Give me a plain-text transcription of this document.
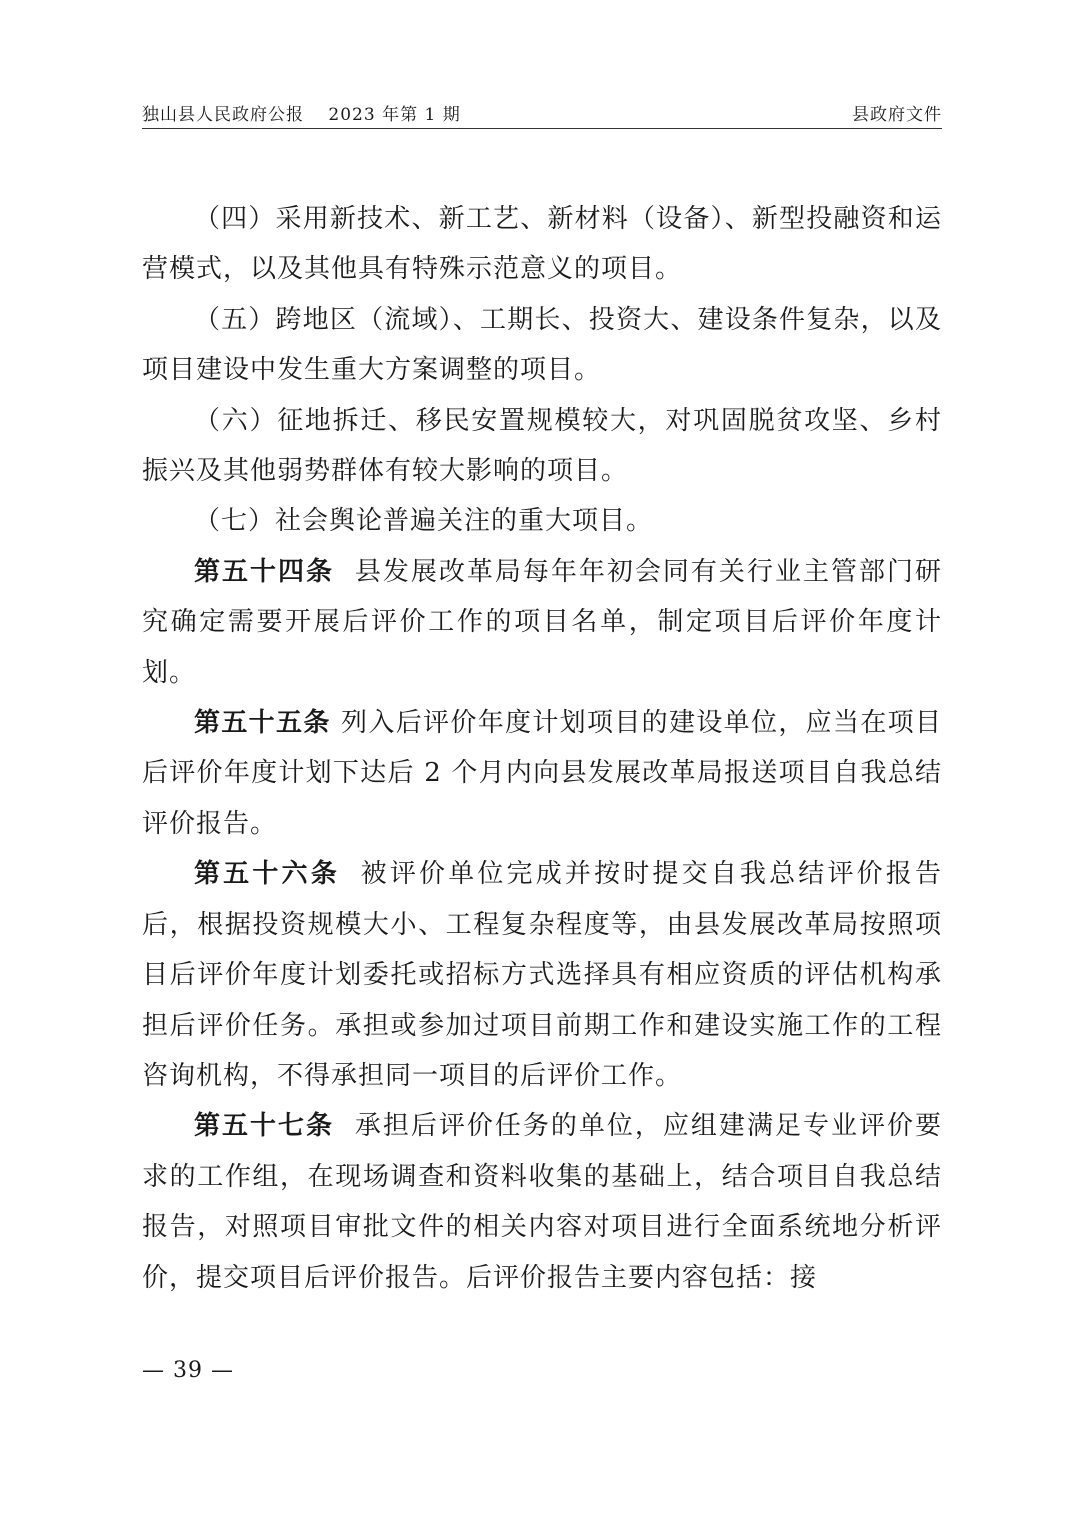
独山县人民政府公报　 2023 年第 1 期	县政府文件

（四）采用新技术、新工艺、新材料（设备）、新型投融资和运营模式，以及其他具有特殊示范意义的项目。

（五）跨地区（流域）、工期长、投资大、建设条件复杂，以及项目建设中发生重大方案调整的项目。

（六）征地拆迁、移民安置规模较大，对巩固脱贫攻坚、乡村振兴及其他弱势群体有较大影响的项目。

（七）社会舆论普遍关注的重大项目。

第五十四条 县发展改革局每年年初会同有关行业主管部门研究确定需要开展后评价工作的项目名单，制定项目后评价年度计划。

第五十五条 列入后评价年度计划项目的建设单位，应当在项目后评价年度计划下达后 2 个月内向县发展改革局报送项目自我总结评价报告。

第五十六条 被评价单位完成并按时提交自我总结评价报告后，根据投资规模大小、工程复杂程度等，由县发展改革局按照项目后评价年度计划委托或招标方式选择具有相应资质的评估机构承担后评价任务。承担或参加过项目前期工作和建设实施工作的工程咨询机构，不得承担同一项目的后评价工作。

第五十七条 承担后评价任务的单位，应组建满足专业评价要求的工作组，在现场调查和资料收集的基础上，结合项目自我总结报告，对照项目审批文件的相关内容对项目进行全面系统地分析评价，提交项目后评价报告。后评价报告主要内容包括：接

— 39 —
